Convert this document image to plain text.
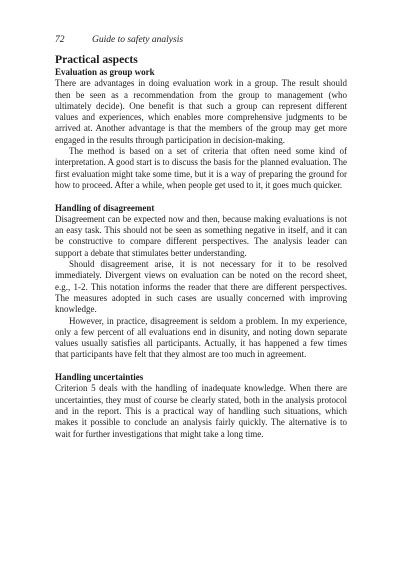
72	Guide to safety analysis
Practical aspects
Evaluation as group work

There are advantages in doing evaluation work in a group. The result should then be seen as a recommendation from the group to management (who ultimately decide). One benefit is that such a group can represent different values and experiences, which enables more comprehensive judgments to be arrived at. Another advantage is that the members of the group may get more engaged in the results through participation in decision-making.

The method is based on a set of criteria that often need some kind of interpretation. A good start is to discuss the basis for the planned evaluation. The first evaluation might take some time, but it is a way of preparing the ground for how to proceed. After a while, when people get used to it, it goes much quicker.

Handling of disagreement

Disagreement can be expected now and then, because making evaluations is not an easy task. This should not be seen as something negative in itself, and it can be constructive to compare different perspectives. The analysis leader can support a debate that stimulates better understanding.

Should disagreement arise, it is not necessary for it to be resolved immediately. Divergent views on evaluation can be noted on the record sheet, e.g., 1-2. This notation informs the reader that there are different perspectives. The measures adopted in such cases are usually concerned with improving knowledge.

However, in practice, disagreement is seldom a problem. In my experience, only a few percent of all evaluations end in disunity, and noting down separate values usually satisfies all participants. Actually, it has happened a few times that participants have felt that they almost are too much in agreement.

Handling uncertainties

Criterion 5 deals with the handling of inadequate knowledge. When there are uncertainties, they must of course be clearly stated, both in the analysis protocol and in the report. This is a practical way of handling such situations, which makes it possible to conclude an analysis fairly quickly. The alternative is to wait for further investigations that might take a long time.
